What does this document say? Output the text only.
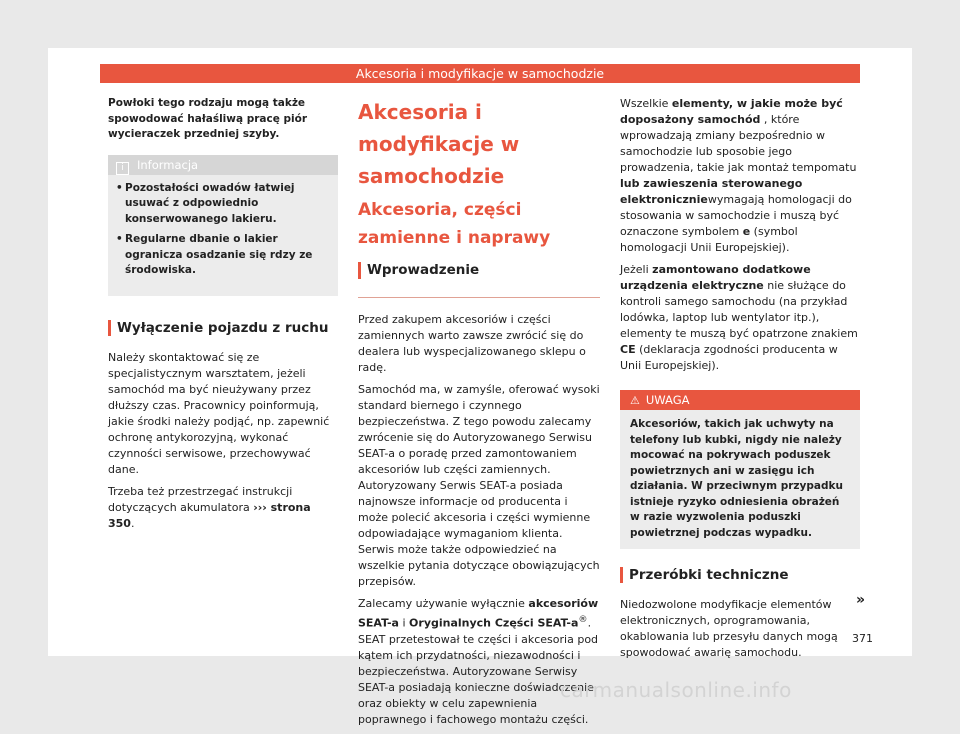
Akcesoria i modyfikacje w samochodzie

Powłoki tego rodzaju mogą także spowodować hałaśliwą pracę piór wycieraczek przedniej szyby.

i Informacja
• Pozostałości owadów łatwiej usuwać z odpowiednio konserwowanego lakieru.
• Regularne dbanie o lakier ogranicza osadzanie się rdzy ze środowiska.
Wyłączenie pojazdu z ruchu

Należy skontaktować się ze specjalistycznym warsztatem, jeżeli samochód ma być nieużywany przez dłuższy czas. Pracownicy poinformują, jakie środki należy podjąć, np. zapewnić ochronę antykorozyjną, wykonać czynności serwisowe, przechowywać dane.

Trzeba też przestrzegać instrukcji dotyczących akumulatora ››› strona 350.

Akcesoria i modyfikacje w samochodzie
Akcesoria, części zamienne i naprawy
Wprowadzenie

Przed zakupem akcesoriów i części zamiennych warto zawsze zwrócić się do dealera lub wyspecjalizowanego sklepu o radę.

Samochód ma, w zamyśle, oferować wysoki standard biernego i czynnego bezpieczeństwa. Z tego powodu zalecamy zwrócenie się do Autoryzowanego Serwisu SEAT-a o poradę przed zamontowaniem akcesoriów lub części zamiennych. Autoryzowany Serwis SEAT-a posiada najnowsze informacje od producenta i może polecić akcesoria i części wymienne odpowiadające wymaganiom klienta. Serwis może także odpowiedzieć na wszelkie pytania dotyczące obowiązujących przepisów.

Zalecamy używanie wyłącznie akcesoriów SEAT-a i Oryginalnych Części SEAT-a®. SEAT przetestował te części i akcesoria pod kątem ich przydatności, niezawodności i bezpieczeństwa. Autoryzowane Serwisy SEAT-a posiadają konieczne doświadczenie oraz obiekty w celu zapewnienia poprawnego i fachowego montażu części.

Wszelkie elementy, w jakie może być doposażony samochód , które wprowadzają zmiany bezpośrednio w samochodzie lub sposobie jego prowadzenia, takie jak montaż tempomatu lub zawieszenia sterowanego elektroniczniewymagają homologacji do stosowania w samochodzie i muszą być oznaczone symbolem e (symbol homologacji Unii Europejskiej).

Jeżeli zamontowano dodatkowe urządzenia elektryczne nie służące do kontroli samego samochodu (na przykład lodówka, laptop lub wentylator itp.), elementy te muszą być opatrzone znakiem CE (deklaracja zgodności producenta w Unii Europejskiej).

⚠ UWAGA
Akcesoriów, takich jak uchwyty na telefony lub kubki, nigdy nie należy mocować na pokrywach poduszek powietrznych ani w zasięgu ich działania. W przeciwnym przypadku istnieje ryzyko odniesienia obrażeń w razie wyzwolenia poduszki powietrznej podczas wypadku.
Przeróbki techniczne

Niedozwolone modyfikacje elementów elektronicznych, oprogramowania, okablowania lub przesyłu danych mogą spowodować awarię samochodu.

»
371
carmanualsonline.info
